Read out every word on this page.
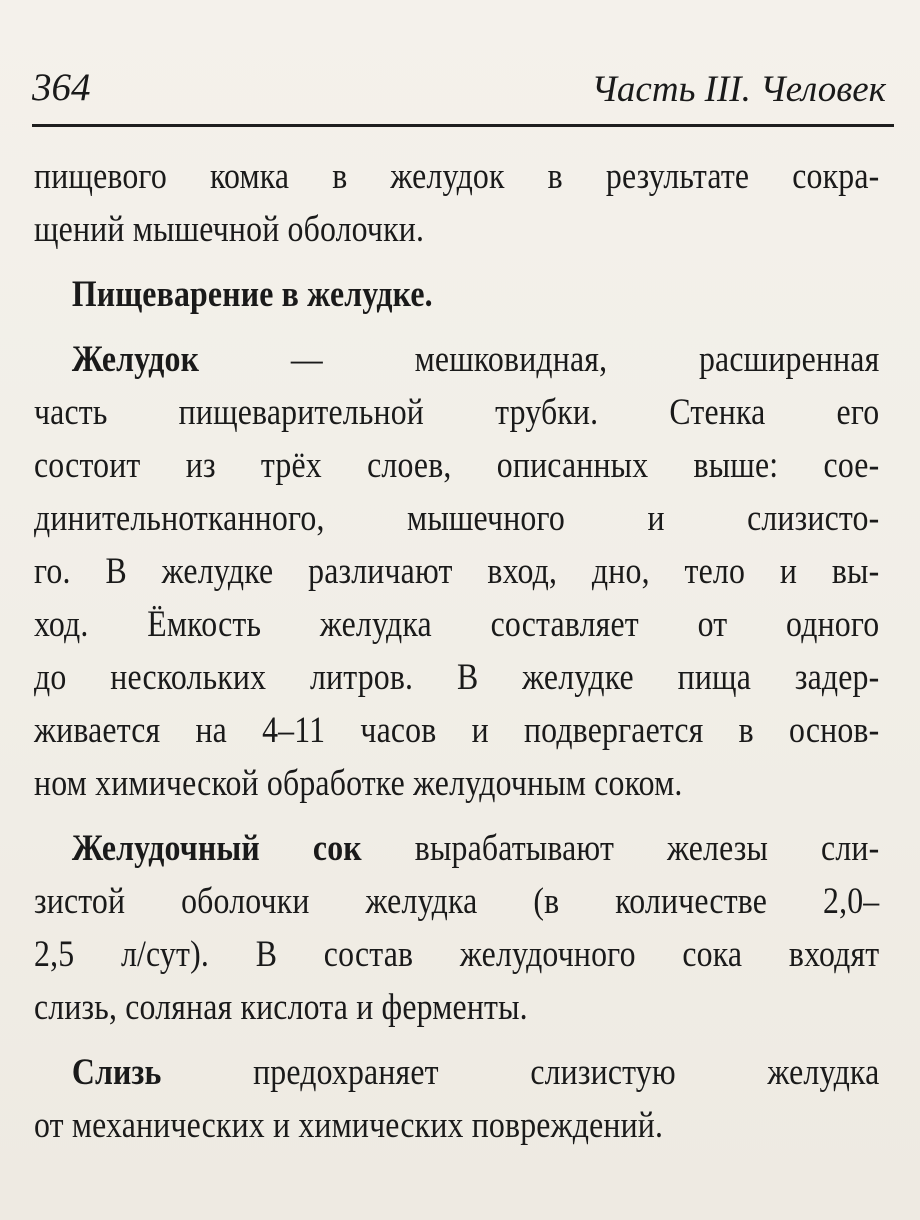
364	Часть III. Человек
пищевого комка в желудок в результате сокра-
щений мышечной оболочки.
Пищеварение в желудке.
Желудок — мешковидная, расширенная
часть пищеварительной трубки. Стенка его
состоит из трёх слоев, описанных выше: сое-
динительнотканного, мышечного и слизисто-
го. В желудке различают вход, дно, тело и вы-
ход. Ёмкость желудка составляет от одного
до нескольких литров. В желудке пища задер-
живается на 4–11 часов и подвергается в основ-
ном химической обработке желудочным соком.
Желудочный сок вырабатывают железы сли-
зистой оболочки желудка (в количестве 2,0–
2,5 л/сут). В состав желудочного сока входят
слизь, соляная кислота и ферменты.
Слизь предохраняет слизистую желудка
от механических и химических повреждений.
